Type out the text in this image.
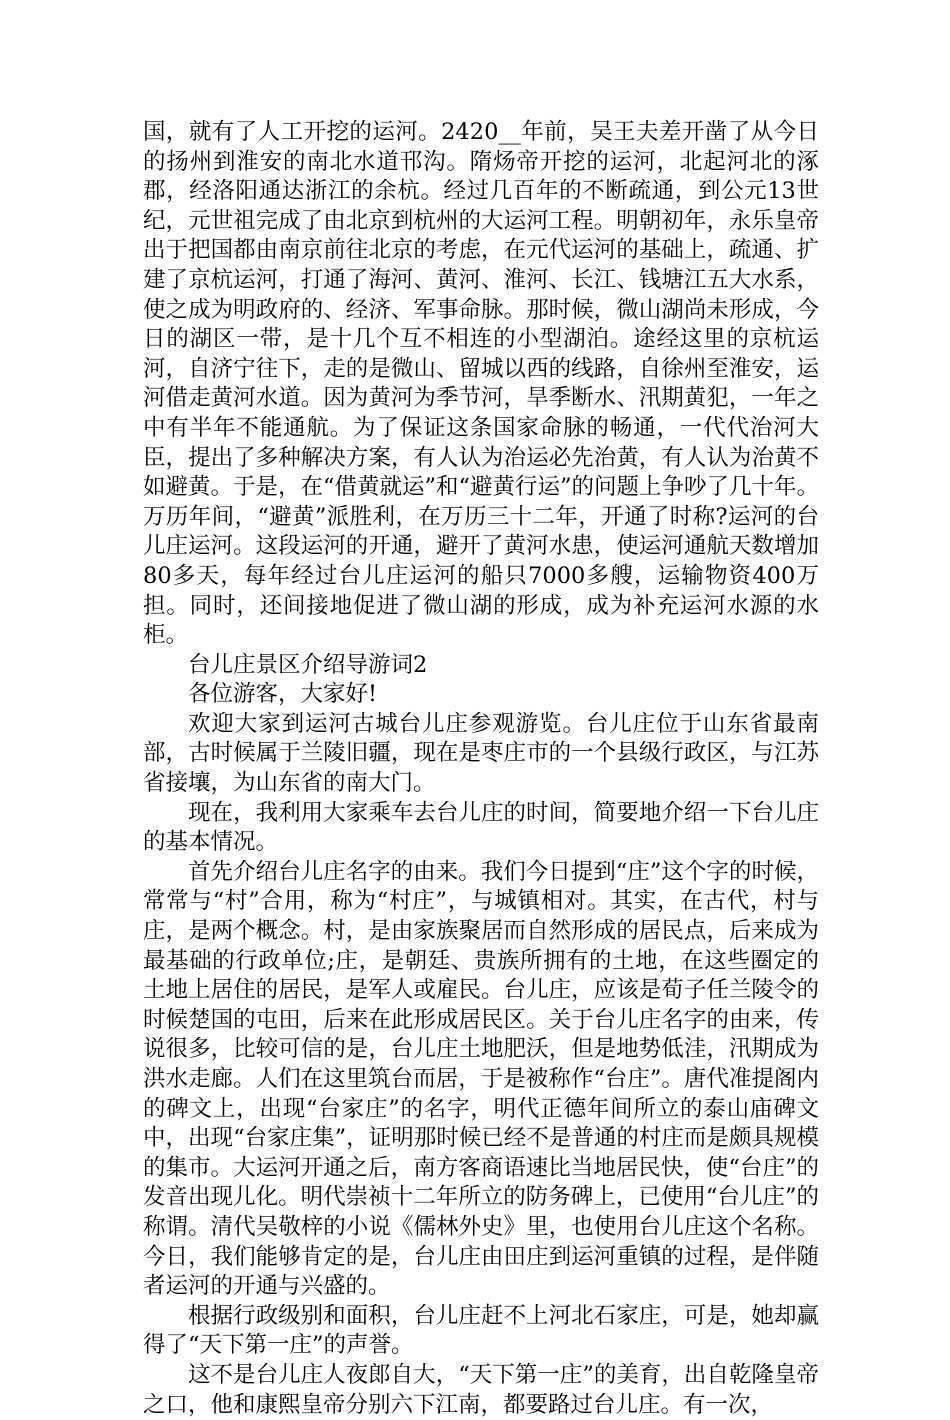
国，就有了人工开挖的运河。2420__年前，吴王夫差开凿了从今日的扬州到淮安的南北水道邗沟。隋炀帝开挖的运河，北起河北的涿郡，经洛阳通达浙江的余杭。经过几百年的不断疏通，到公元13世纪，元世祖完成了由北京到杭州的大运河工程。明朝初年，永乐皇帝出于把国都由南京前往北京的考虑，在元代运河的基础上，疏通、扩建了京杭运河，打通了海河、黄河、淮河、长江、钱塘江五大水系，使之成为明政府的、经济、军事命脉。那时候，微山湖尚未形成，今日的湖区一带，是十几个互不相连的小型湖泊。途经这里的京杭运河，自济宁往下，走的是微山、留城以西的线路，自徐州至淮安，运河借走黄河水道。因为黄河为季节河，旱季断水、汛期黄犯，一年之中有半年不能通航。为了保证这条国家命脉的畅通，一代代治河大臣，提出了多种解决方案，有人认为治运必先治黄，有人认为治黄不如避黄。于是，在“借黄就运”和“避黄行运”的问题上争吵了几十年。万历年间，“避黄”派胜利，在万历三十二年，开通了时称?运河的台儿庄运河。这段运河的开通，避开了黄河水患，使运河通航天数增加80多天，每年经过台儿庄运河的船只7000多艘，运输物资400万担。同时，还间接地促进了微山湖的形成，成为补充运河水源的水柜。

台儿庄景区介绍导游词2

各位游客，大家好!

欢迎大家到运河古城台儿庄参观游览。台儿庄位于山东省最南部，古时候属于兰陵旧疆，现在是枣庄市的一个县级行政区，与江苏省接壤，为山东省的南大门。

现在，我利用大家乘车去台儿庄的时间，简要地介绍一下台儿庄的基本情况。

首先介绍台儿庄名字的由来。我们今日提到“庄”这个字的时候，常常与“村”合用，称为“村庄”，与城镇相对。其实，在古代，村与庄，是两个概念。村，是由家族聚居而自然形成的居民点，后来成为最基础的行政单位;庄，是朝廷、贵族所拥有的土地，在这些圈定的土地上居住的居民，是军人或雇民。台儿庄，应该是荀子任兰陵令的时候楚国的屯田，后来在此形成居民区。关于台儿庄名字的由来，传说很多，比较可信的是，台儿庄土地肥沃，但是地势低洼，汛期成为洪水走廊。人们在这里筑台而居，于是被称作“台庄”。唐代准提阁内的碑文上，出现“台家庄”的名字，明代正德年间所立的泰山庙碑文中，出现“台家庄集”，证明那时候已经不是普通的村庄而是颇具规模的集市。大运河开通之后，南方客商语速比当地居民快，使“台庄”的发音出现儿化。明代崇祯十二年所立的防务碑上，已使用“台儿庄”的称谓。清代吴敬梓的小说《儒林外史》里，也使用台儿庄这个名称。今日，我们能够肯定的是，台儿庄由田庄到运河重镇的过程，是伴随者运河的开通与兴盛的。

根据行政级别和面积，台儿庄赶不上河北石家庄，可是，她却赢得了“天下第一庄”的声誉。

这不是台儿庄人夜郎自大，“天下第一庄”的美育，出自乾隆皇帝之口，他和康熙皇帝分别六下江南，都要路过台儿庄。有一次，
